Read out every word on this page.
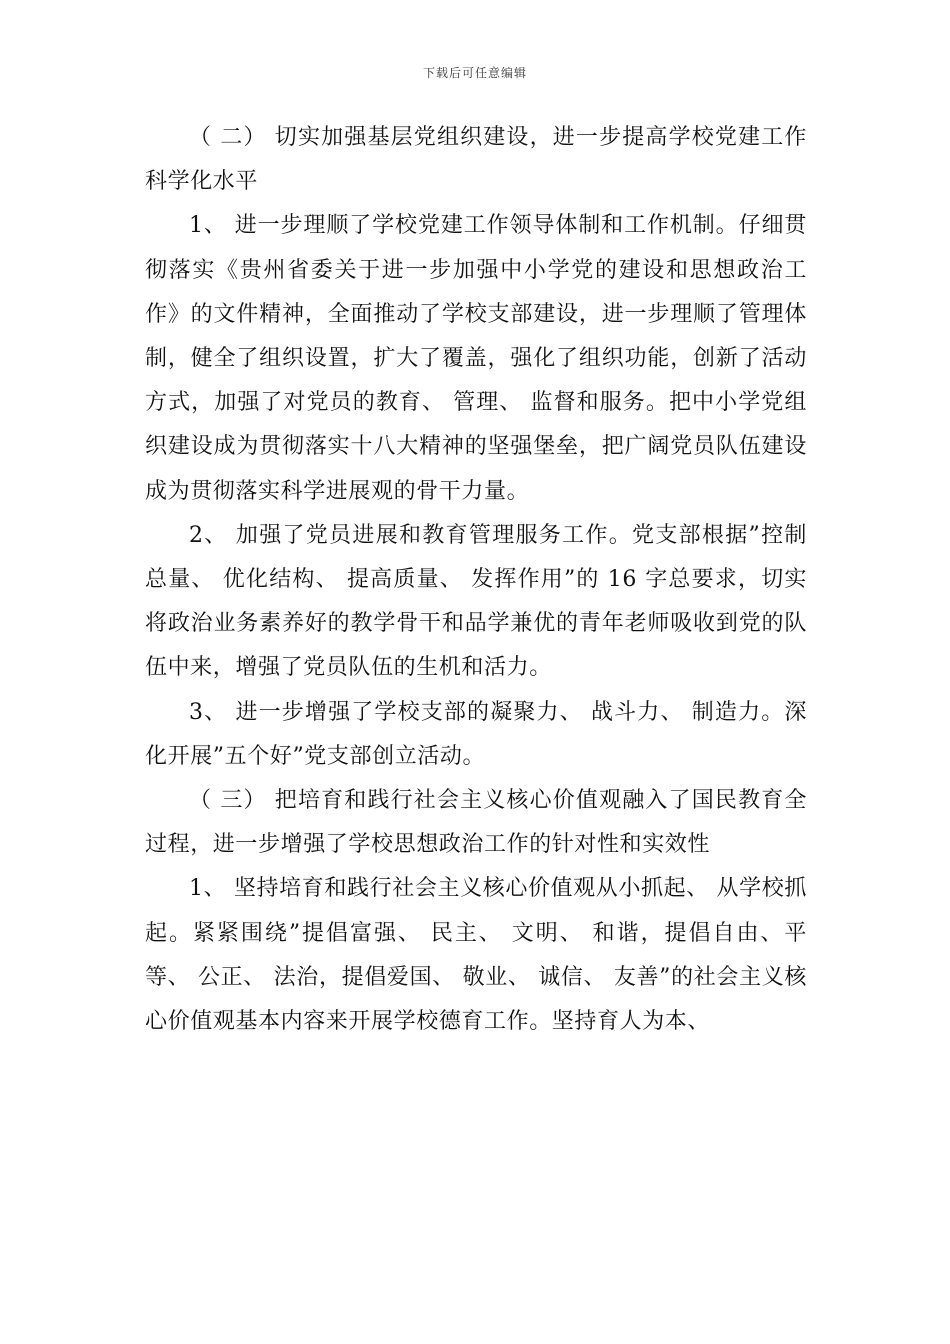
下载后可任意编辑

（ 二） 切实加强基层党组织建设，进一步提高学校党建工作科学化水平

1、 进一步理顺了学校党建工作领导体制和工作机制。仔细贯彻落实《贵州省委关于进一步加强中小学党的建设和思想政治工作》的文件精神，全面推动了学校支部建设，进一步理顺了管理体制，健全了组织设置，扩大了覆盖，强化了组织功能，创新了活动方式，加强了对党员的教育、 管理、 监督和服务。把中小学党组织建设成为贯彻落实十八大精神的坚强堡垒，把广阔党员队伍建设成为贯彻落实科学进展观的骨干力量。

2、 加强了党员进展和教育管理服务工作。党支部根据”控制总量、 优化结构、 提高质量、 发挥作用”的 16 字总要求，切实将政治业务素养好的教学骨干和品学兼优的青年老师吸收到党的队伍中来，增强了党员队伍的生机和活力。

3、 进一步增强了学校支部的凝聚力、 战斗力、 制造力。深化开展”五个好”党支部创立活动。

（ 三） 把培育和践行社会主义核心价值观融入了国民教育全过程，进一步增强了学校思想政治工作的针对性和实效性

1、 坚持培育和践行社会主义核心价值观从小抓起、 从学校抓起。紧紧围绕”提倡富强、 民主、 文明、 和谐，提倡自由、平等、 公正、 法治，提倡爱国、 敬业、 诚信、 友善”的社会主义核心价值观基本内容来开展学校德育工作。坚持育人为本、
